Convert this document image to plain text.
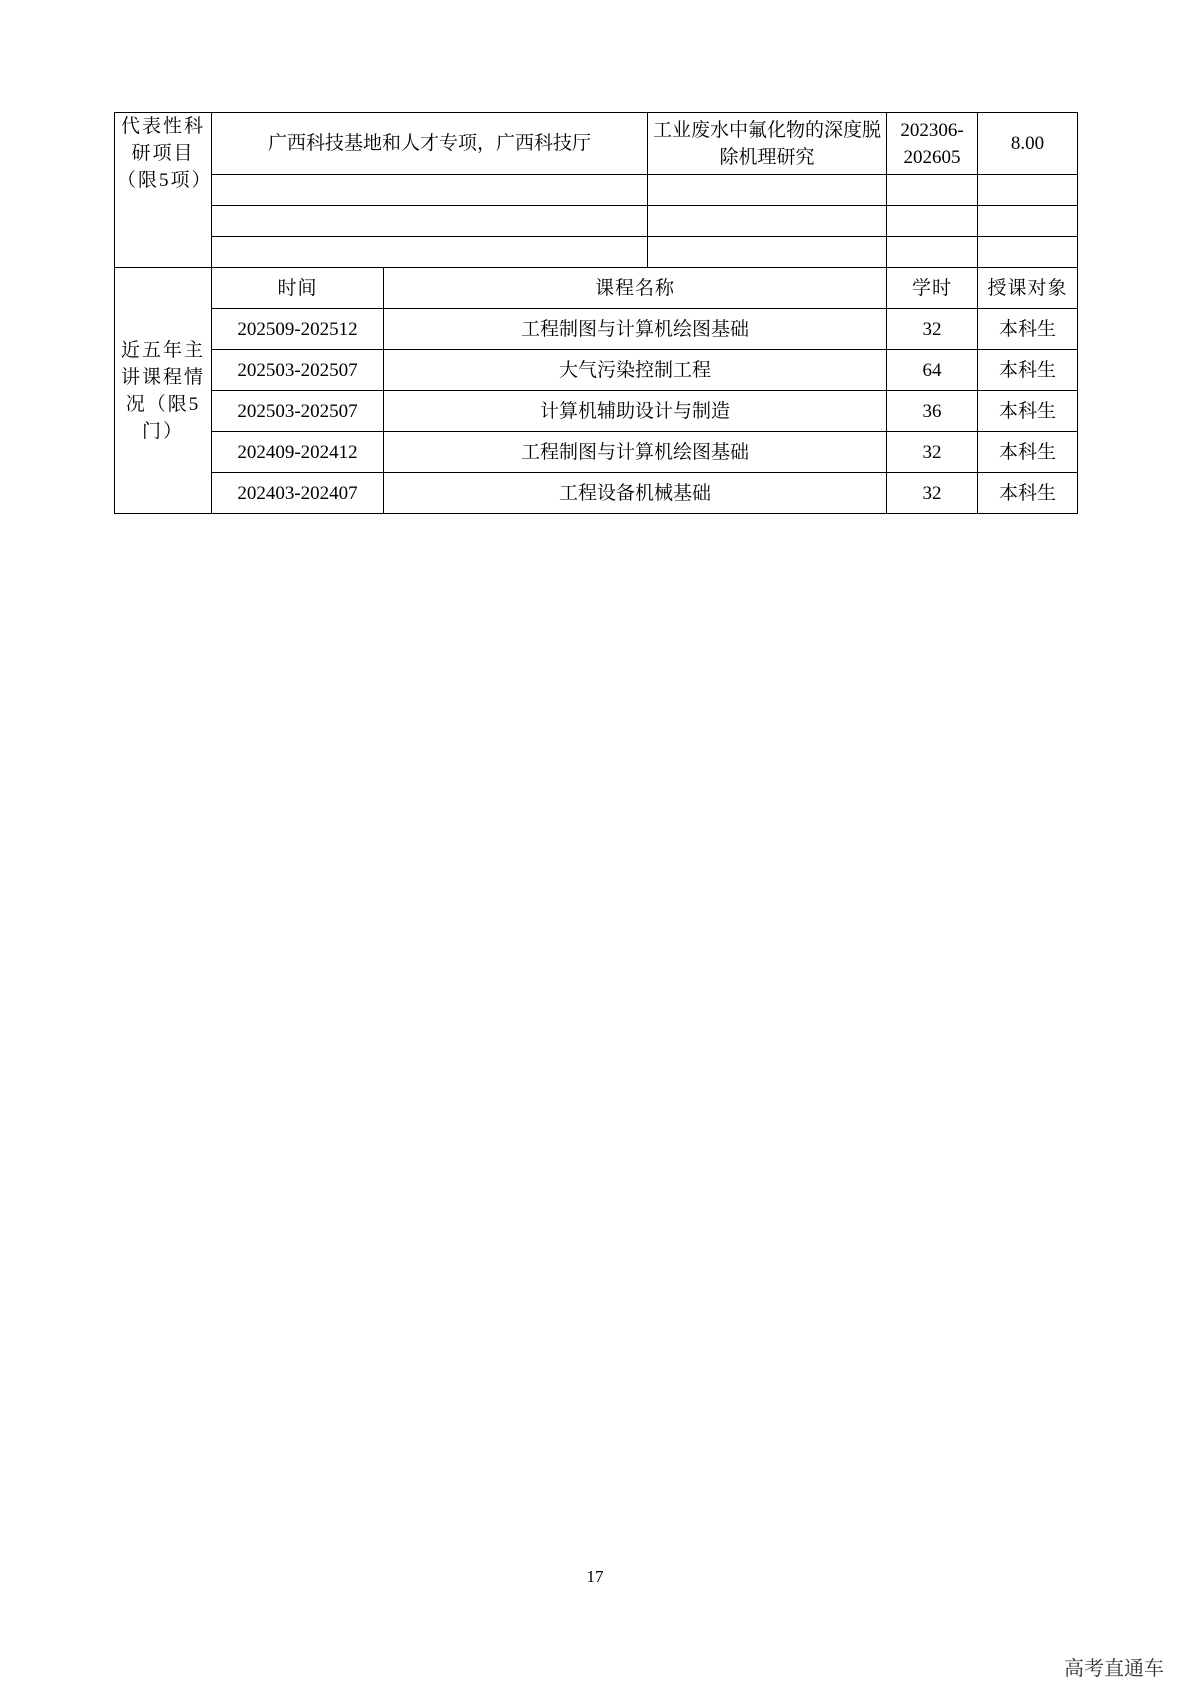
代表性科研项目（限5项）	广西科技基地和人才专项，广西科技厅		工业废水中氟化物的深度脱除机理研究	202306-202605	8.00

近五年主讲课程情况（限5门）	时间	课程名称		学时	授课对象
	202509-202512	工程制图与计算机绘图基础		32	本科生
	202503-202507	大气污染控制工程		64	本科生
	202503-202507	计算机辅助设计与制造		36	本科生
	202409-202412	工程制图与计算机绘图基础		32	本科生
	202403-202407	工程设备机械基础		32	本科生
17
高考直通车
